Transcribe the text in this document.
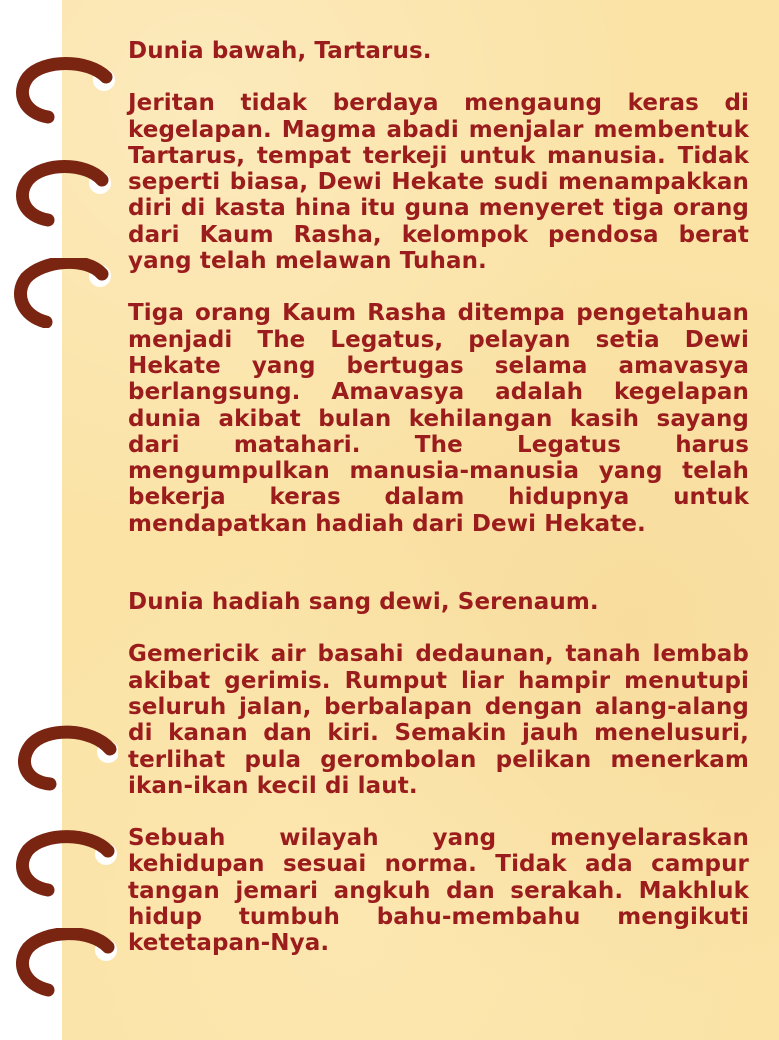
Dunia bawah, Tartarus.

Jeritan tidak berdaya mengaung keras di kegelapan. Magma abadi menjalar membentuk Tartarus, tempat terkeji untuk manusia. Tidak seperti biasa, Dewi Hekate sudi menampakkan diri di kasta hina itu guna menyeret tiga orang dari Kaum Rasha, kelompok pendosa berat yang telah melawan Tuhan.

Tiga orang Kaum Rasha ditempa pengetahuan menjadi The Legatus, pelayan setia Dewi Hekate yang bertugas selama amavasya berlangsung. Amavasya adalah kegelapan dunia akibat bulan kehilangan kasih sayang dari matahari. The Legatus harus mengumpulkan manusia-manusia yang telah bekerja keras dalam hidupnya untuk mendapatkan hadiah dari Dewi Hekate.

Dunia hadiah sang dewi, Serenaum.

Gemericik air basahi dedaunan, tanah lembab akibat gerimis. Rumput liar hampir menutupi seluruh jalan, berbalapan dengan alang-alang di kanan dan kiri. Semakin jauh menelusuri, terlihat pula gerombolan pelikan menerkam ikan-ikan kecil di laut.

Sebuah wilayah yang menyelaraskan kehidupan sesuai norma. Tidak ada campur tangan jemari angkuh dan serakah. Makhluk hidup tumbuh bahu-membahu mengikuti ketetapan-Nya.
